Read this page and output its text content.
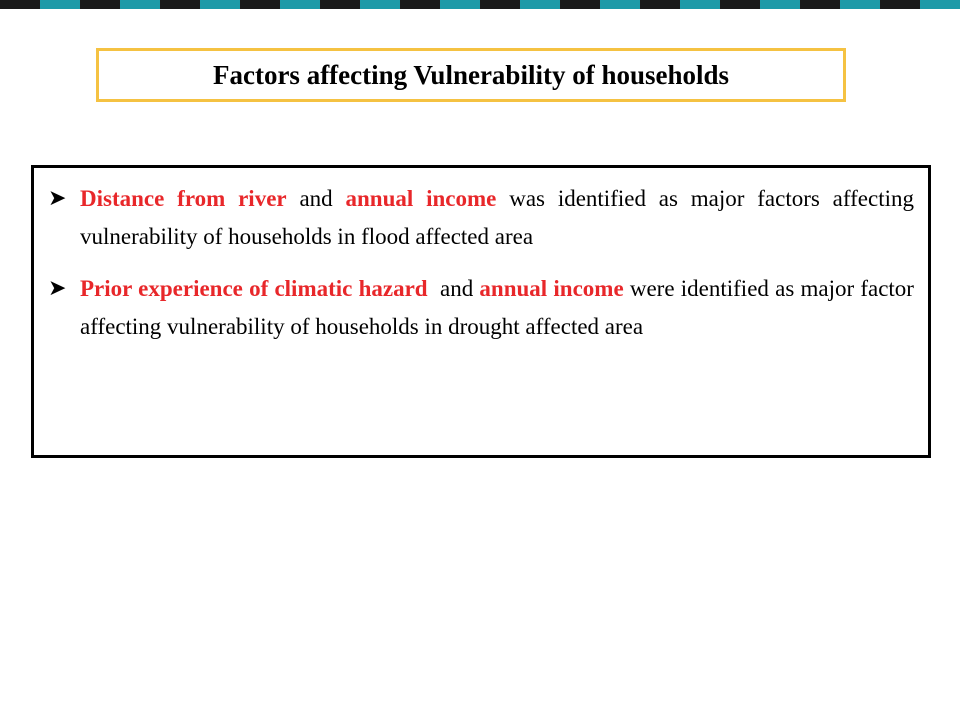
Factors affecting Vulnerability of households
➤ Distance from river and annual income was identified as major factors affecting vulnerability of households in flood affected area
➤ Prior experience of climatic hazard  and annual income were identified as major factor affecting vulnerability of households in drought affected area
